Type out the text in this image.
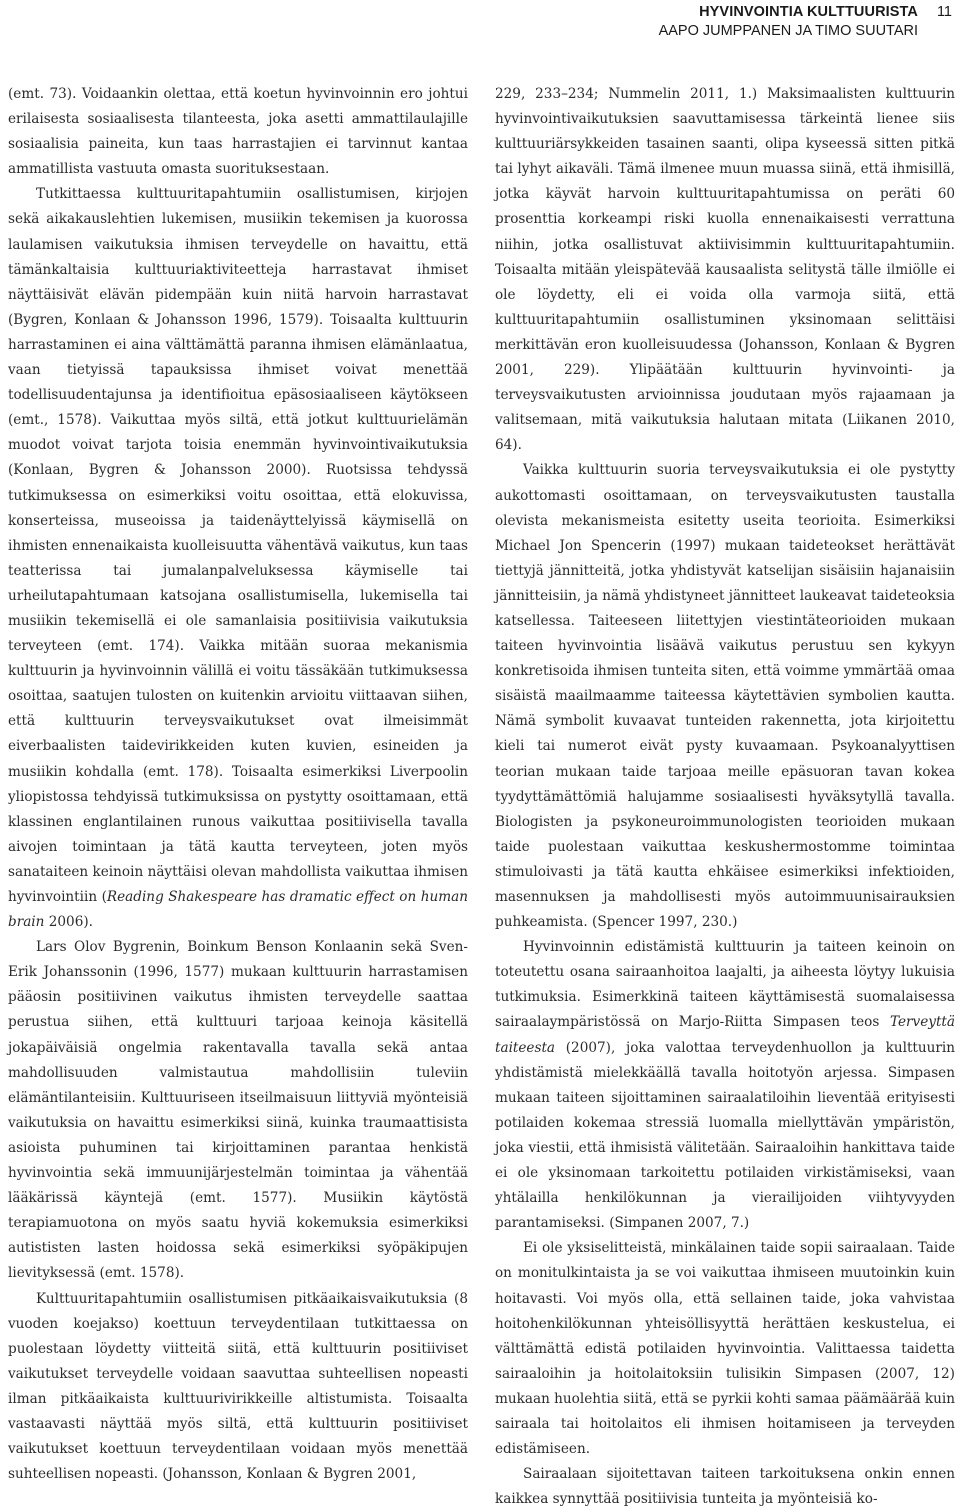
HYVINVOINTIA KULTTUURISTA
AAPO JUMPPANEN JA TIMO SUUTARI
11

(emt. 73). Voidaankin olettaa, että koetun hyvinvoinnin ero johtui erilaisesta sosiaalisesta tilanteesta, joka asetti ammattilaulajille sosiaalisia paineita, kun taas harrastajien ei tarvinnut kantaa ammatillista vastuuta omasta suorituksestaan.

Tutkittaessa kulttuuritapahtumiin osallistumisen, kirjojen sekä aikakauslehtien lukemisen, musiikin tekemisen ja kuorossa laulamisen vaikutuksia ihmisen terveydelle on havaittu, että tämänkaltaisia kulttuuriaktiviteetteja harrastavat ihmiset näyttäisivät elävän pidempään kuin niitä harvoin harrastavat (Bygren, Konlaan & Johansson 1996, 1579). Toisaalta kulttuurin harrastaminen ei aina välttämättä paranna ihmisen elämänlaatua, vaan tietyissä tapauksissa ihmiset voivat menettää todellisuudentajunsa ja identifioitua epäsosiaaliseen käytökseen (emt., 1578). Vaikuttaa myös siltä, että jotkut kulttuurielämän muodot voivat tarjota toisia enemmän hyvinvointivaikutuksia (Konlaan, Bygren & Johansson 2000). Ruotsissa tehdyssä tutkimuksessa on esimerkiksi voitu osoittaa, että elokuvissa, konserteissa, museoissa ja taidenäyttelyissä käymisellä on ihmisten ennenaikaista kuolleisuutta vähentävä vaikutus, kun taas teatterissa tai jumalanpalveluksessa käymiselle tai urheilutapahtumaan katsojana osallistumisella, lukemisella tai musiikin tekemisellä ei ole samanlaisia positiivisia vaikutuksia terveyteen (emt. 174). Vaikka mitään suoraa mekanismia kulttuurin ja hyvinvoinnin välillä ei voitu tässäkään tutkimuksessa osoittaa, saatujen tulosten on kuitenkin arvioitu viittaavan siihen, että kulttuurin terveysvaikutukset ovat ilmeisimmät eiverbaalisten taidevirikkeiden kuten kuvien, esineiden ja musiikin kohdalla (emt. 178). Toisaalta esimerkiksi Liverpoolin yliopistossa tehdyissä tutkimuksissa on pystytty osoittamaan, että klassinen englantilainen runous vaikuttaa positiivisella tavalla aivojen toimintaan ja tätä kautta terveyteen, joten myös sanataiteen keinoin näyttäisi olevan mahdollista vaikuttaa ihmisen hyvinvointiin (Reading Shakespeare has dramatic effect on human brain 2006).

Lars Olov Bygrenin, Boinkum Benson Konlaanin sekä Sven-Erik Johanssonin (1996, 1577) mukaan kulttuurin harrastamisen pääosin positiivinen vaikutus ihmisten terveydelle saattaa perustua siihen, että kulttuuri tarjoaa keinoja käsitellä jokapäiväisiä ongelmia rakentavalla tavalla sekä antaa mahdollisuuden valmistautua mahdollisiin tuleviin elämäntilanteisiin. Kulttuuriseen itseilmaisuun liittyviä myönteisiä vaikutuksia on havaittu esimerkiksi siinä, kuinka traumaattisista asioista puhuminen tai kirjoittaminen parantaa henkistä hyvinvointia sekä immuunijärjestelmän toimintaa ja vähentää lääkärissä käyntejä (emt. 1577). Musiikin käytöstä terapiamuotona on myös saatu hyviä kokemuksia esimerkiksi autististen lasten hoidossa sekä esimerkiksi syöpäkipujen lievityksessä (emt. 1578).

Kulttuuritapahtumiin osallistumisen pitkäaikaisvaikutuksia (8 vuoden koejakso) koettuun terveydentilaan tutkittaessa on puolestaan löydetty viitteitä siitä, että kulttuurin positiiviset vaikutukset terveydelle voidaan saavuttaa suhteellisen nopeasti ilman pitkäaikaista kulttuurivirikkeille altistumista. Toisaalta vastaavasti näyttää myös siltä, että kulttuurin positiiviset vaikutukset koettuun terveydentilaan voidaan myös menettää suhteellisen nopeasti. (Johansson, Konlaan & Bygren 2001,

229, 233–234; Nummelin 2011, 1.) Maksimaalisten kulttuurin hyvinvointivaikutuksien saavuttamisessa tärkeintä lienee siis kulttuuriärsykkeiden tasainen saanti, olipa kyseessä sitten pitkä tai lyhyt aikaväli. Tämä ilmenee muun muassa siinä, että ihmisillä, jotka käyvät harvoin kulttuuritapahtumissa on peräti 60 prosenttia korkeampi riski kuolla ennenaikaisesti verrattuna niihin, jotka osallistuvat aktiivisimmin kulttuuritapahtumiin. Toisaalta mitään yleispätevää kausaalista selitystä tälle ilmiölle ei ole löydetty, eli ei voida olla varmoja siitä, että kulttuuritapahtumiin osallistuminen yksinomaan selittäisi merkittävän eron kuolleisuudessa (Johansson, Konlaan & Bygren 2001, 229). Ylipäätään kulttuurin hyvinvointi- ja terveysvaikutusten arvioinnissa joudutaan myös rajaamaan ja valitsemaan, mitä vaikutuksia halutaan mitata (Liikanen 2010, 64).

Vaikka kulttuurin suoria terveysvaikutuksia ei ole pystytty aukottomasti osoittamaan, on terveysvaikutusten taustalla olevista mekanismeista esitetty useita teorioita. Esimerkiksi Michael Jon Spencerin (1997) mukaan taideteokset herättävät tiettyjä jännitteitä, jotka yhdistyvät katselijan sisäisiin hajanaisiin jännitteisiin, ja nämä yhdistyneet jännitteet laukeavat taideteoksia katsellessa. Taiteeseen liitettyjen viestintäteorioiden mukaan taiteen hyvinvointia lisäävä vaikutus perustuu sen kykyyn konkretisoida ihmisen tunteita siten, että voimme ymmärtää omaa sisäistä maailmaamme taiteessa käytettävien symbolien kautta. Nämä symbolit kuvaavat tunteiden rakennetta, jota kirjoitettu kieli tai numerot eivät pysty kuvaamaan. Psykoanalyyttisen teorian mukaan taide tarjoaa meille epäsuoran tavan kokea tyydyttämättömiä halujamme sosiaalisesti hyväksytyllä tavalla. Biologisten ja psykoneuroimmunologisten teorioiden mukaan taide puolestaan vaikuttaa keskushermostomme toimintaa stimuloivasti ja tätä kautta ehkäisee esimerkiksi infektioiden, masennuksen ja mahdollisesti myös autoimmuunisairauksien puhkeamista. (Spencer 1997, 230.)

Hyvinvoinnin edistämistä kulttuurin ja taiteen keinoin on toteutettu osana sairaanhoitoa laajalti, ja aiheesta löytyy lukuisia tutkimuksia. Esimerkkinä taiteen käyttämisestä suomalaisessa sairaalaympäristössä on Marjo-Riitta Simpasen teos Terveyttä taiteesta (2007), joka valottaa terveydenhuollon ja kulttuurin yhdistämistä mielekkäällä tavalla hoitotyön arjessa. Simpasen mukaan taiteen sijoittaminen sairaalatiloihin lieventää erityisesti potilaiden kokemaa stressiä luomalla miellyttävän ympäristön, joka viestii, että ihmisistä välitetään. Sairaaloihin hankittava taide ei ole yksinomaan tarkoitettu potilaiden virkistämiseksi, vaan yhtälailla henkilökunnan ja vierailijoiden viihtyvyyden parantamiseksi. (Simpanen 2007, 7.)

Ei ole yksiselitteistä, minkälainen taide sopii sairaalaan. Taide on monitulkintaista ja se voi vaikuttaa ihmiseen muutoinkin kuin hoitavasti. Voi myös olla, että sellainen taide, joka vahvistaa hoitohenkilökunnan yhteisöllisyyttä herättäen keskustelua, ei välttämättä edistä potilaiden hyvinvointia. Valittaessa taidetta sairaaloihin ja hoitolaitoksiin tulisikin Simpasen (2007, 12) mukaan huolehtia siitä, että se pyrkii kohti samaa päämäärää kuin sairaala tai hoitolaitos eli ihmisen hoitamiseen ja terveyden edistämiseen.

Sairaalaan sijoitettavan taiteen tarkoituksena onkin ennen kaikkea synnyttää positiivisia tunteita ja myönteisiä ko-
